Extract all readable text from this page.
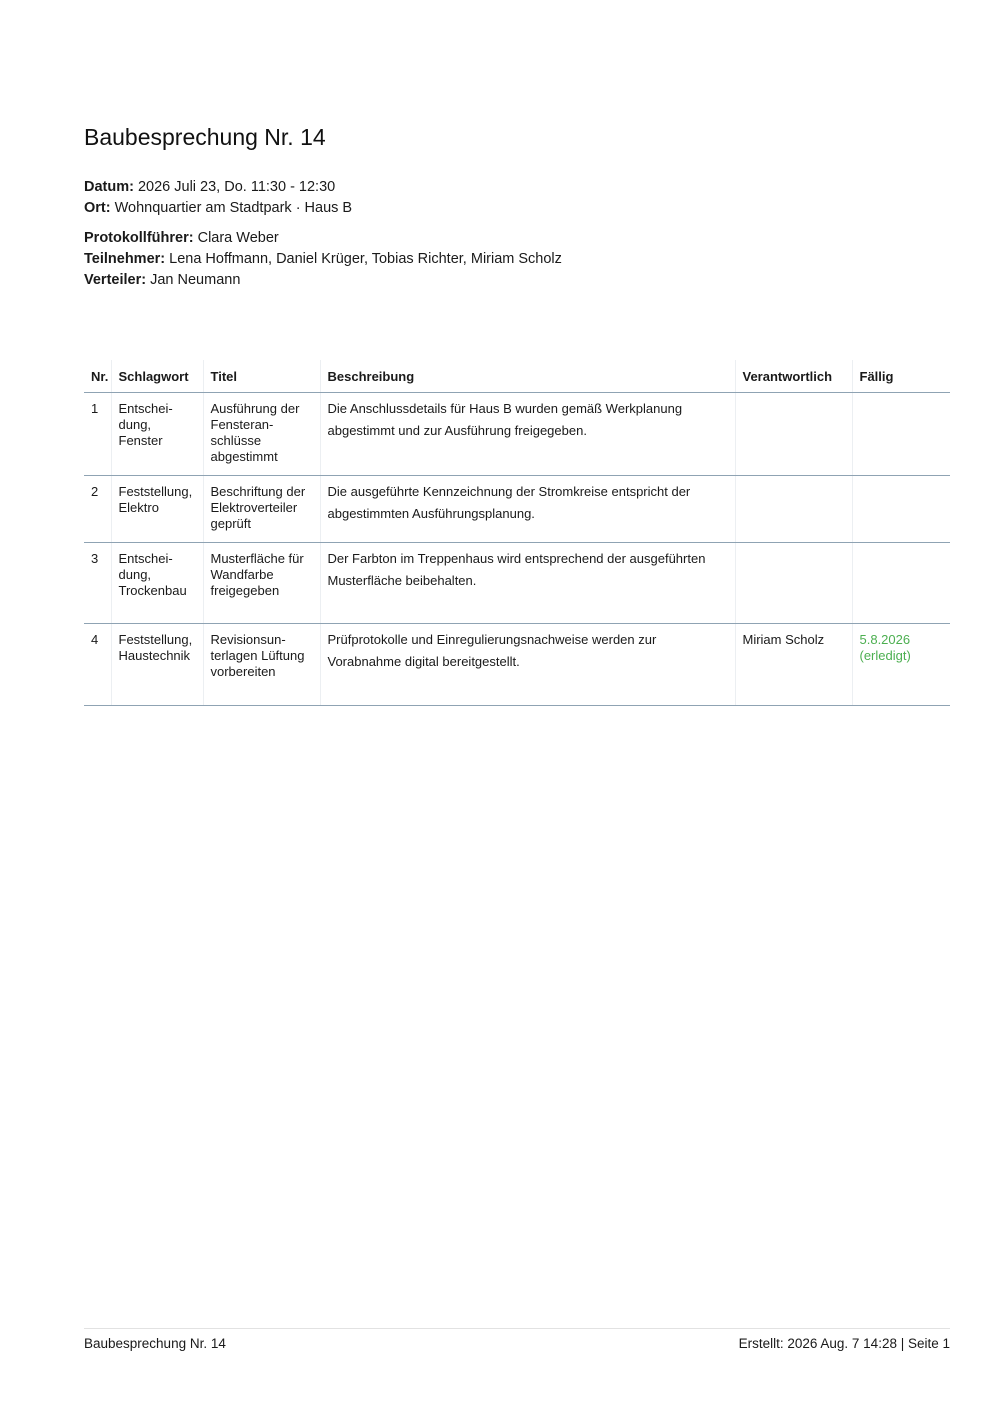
Baubesprechung Nr. 14
Datum: 2026 Juli 23, Do. 11:30 - 12:30
Ort: Wohnquartier am Stadtpark · Haus B
Protokollführer: Clara Weber
Teilnehmer: Lena Hoffmann, Daniel Krüger, Tobias Richter, Miriam Scholz
Verteiler: Jan Neumann
Nr.	Schlagwort	Titel	Beschreibung	Verantwortlich	Fällig
1	Entscheidung, Fenster	Ausführung der Fensteranschlüsse abgestimmt	Die Anschlussdetails für Haus B wurden gemäß Werkplanung abgestimmt und zur Ausführung freigegeben.		
2	Feststellung, Elektro	Beschriftung der Elektroverteiler geprüft	Die ausgeführte Kennzeichnung der Stromkreise entspricht der abgestimmten Ausführungsplanung.		
3	Entscheidung, Trockenbau	Musterfläche für Wandfarbe freigegeben	Der Farbton im Treppenhaus wird entsprechend der ausgeführten Musterfläche beibehalten.		
4	Feststellung, Haustechnik	Revisionsunterlagen Lüftung vorbereiten	Prüfprotokolle und Einregulierungsnachweise werden zur Vorabnahme digital bereitgestellt.	Miriam Scholz	5.8.2026 (erledigt)
Baubesprechung Nr. 14	Erstellt: 2026 Aug. 7 14:28 | Seite 1
